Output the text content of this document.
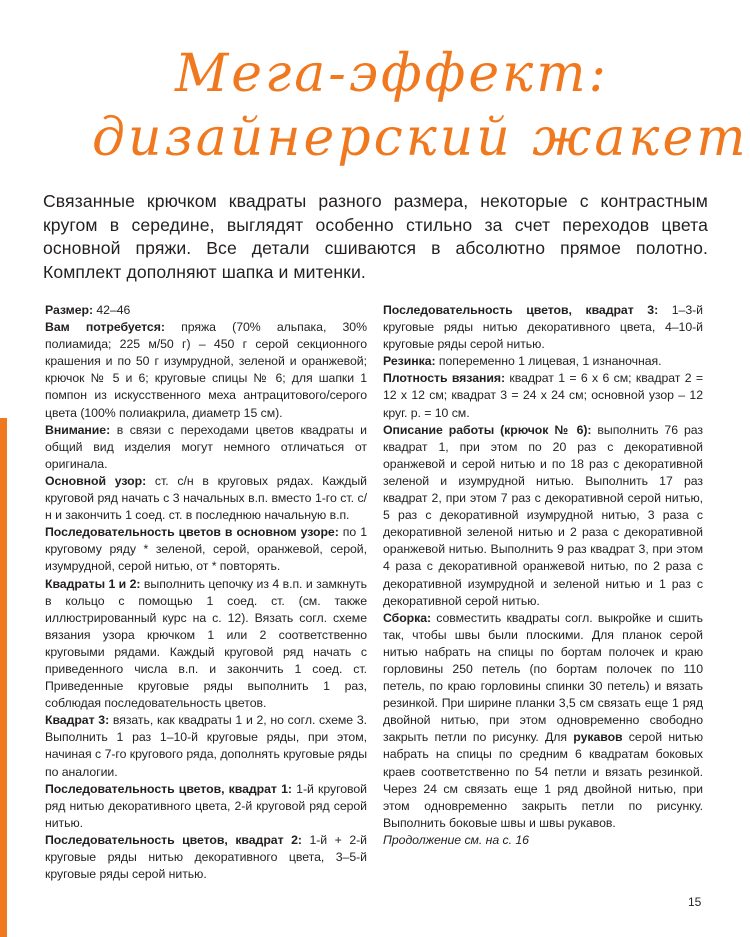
Мега-эффект:
дизайнерский жакет
Связанные крючком квадраты разного размера, некоторые с контрастным кругом в середине, выглядят особенно стильно за счет переходов цвета основной пряжи. Все детали сшиваются в абсолютно прямое полотно. Комплект дополняют шапка и митенки.

Размер: 42–46

Вам потребуется: пряжа (70% альпака, 30% полиамида; 225 м/50 г) – 450 г серой секционного крашения и по 50 г изумрудной, зеленой и оранжевой; крючок № 5 и 6; круговые спицы № 6; для шапки 1 помпон из искусственного меха антрацитового/серого цвета (100% полиакрила, диаметр 15 см).

Внимание: в связи с переходами цветов квадраты и общий вид изделия могут немного отличаться от оригинала.

Основной узор: ст. с/н в круговых рядах. Каждый круговой ряд начать с 3 начальных в.п. вместо 1-го ст. с/н и закончить 1 соед. ст. в последнюю начальную в.п.

Последовательность цветов в основном узоре: по 1 круговому ряду * зеленой, серой, оранжевой, серой, изумрудной, серой нитью, от * повторять.

Квадраты 1 и 2: выполнить цепочку из 4 в.п. и замкнуть в кольцо с помощью 1 соед. ст. (см. также иллюстрированный курс на с. 12). Вязать согл. схеме вязания узора крючком 1 или 2 соответственно круговыми рядами. Каждый круговой ряд начать с приведенного числа в.п. и закончить 1 соед. ст. Приведенные круговые ряды выполнить 1 раз, соблюдая последовательность цветов.

Квадрат 3: вязать, как квадраты 1 и 2, но согл. схеме 3. Выполнить 1 раз 1–10-й круговые ряды, при этом, начиная с 7-го кругового ряда, дополнять круговые ряды по аналогии.

Последовательность цветов, квадрат 1: 1-й круговой ряд нитью декоративного цвета, 2-й круговой ряд серой нитью.

Последовательность цветов, квадрат 2: 1-й + 2-й круговые ряды нитью декоративного цвета, 3–5-й круговые ряды серой нитью.

Последовательность цветов, квадрат 3: 1–3-й круговые ряды нитью декоративного цвета, 4–10-й круговые ряды серой нитью.

Резинка: попеременно 1 лицевая, 1 изнаночная.

Плотность вязания: квадрат 1 = 6 х 6 см; квадрат 2 = 12 х 12 см; квадрат 3 = 24 х 24 см; основной узор – 12 круг. р. = 10 см.

Описание работы (крючок № 6): выполнить 76 раз квадрат 1, при этом по 20 раз с декоративной оранжевой и серой нитью и по 18 раз с декоративной зеленой и изумрудной нитью. Выполнить 17 раз квадрат 2, при этом 7 раз с декоративной серой нитью, 5 раз с декоративной изумрудной нитью, 3 раза с декоративной зеленой нитью и 2 раза с декоративной оранжевой нитью. Выполнить 9 раз квадрат 3, при этом 4 раза с декоративной оранжевой нитью, по 2 раза с декоративной изумрудной и зеленой нитью и 1 раз с декоративной серой нитью.

Сборка: совместить квадраты согл. выкройке и сшить так, чтобы швы были плоскими. Для планок серой нитью набрать на спицы по бортам полочек и краю горловины 250 петель (по бортам полочек по 110 петель, по краю горловины спинки 30 петель) и вязать резинкой. При ширине планки 3,5 см связать еще 1 ряд двойной нитью, при этом одновременно свободно закрыть петли по рисунку. Для рукавов серой нитью набрать на спицы по средним 6 квадратам боковых краев соответственно по 54 петли и вязать резинкой. Через 24 см связать еще 1 ряд двойной нитью, при этом одновременно закрыть петли по рисунку. Выполнить боковые швы и швы рукавов.

Продолжение см. на с. 16

15
